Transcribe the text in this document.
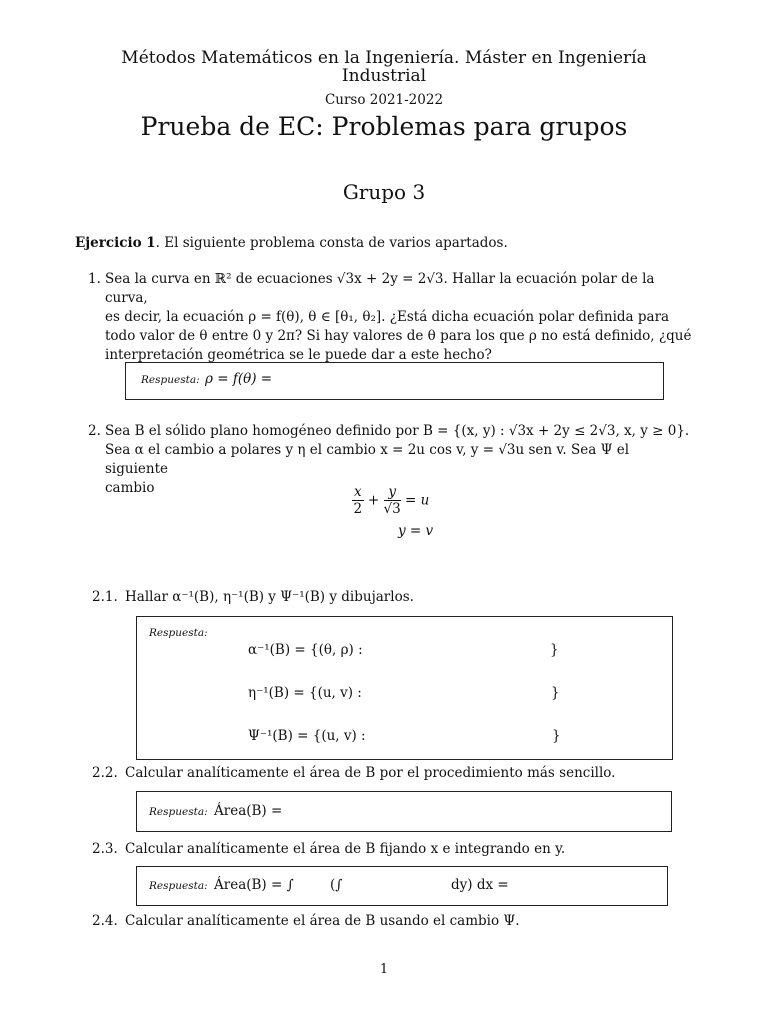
Métodos Matemáticos en la Ingeniería. Máster en Ingeniería
Industrial
Curso 2021-2022
Prueba de EC: Problemas para grupos
Grupo 3
Ejercicio 1. El siguiente problema consta de varios apartados.
1. Sea la curva en ℝ² de ecuaciones √3x + 2y = 2√3. Hallar la ecuación polar de la curva,
es decir, la ecuación ρ = f(θ), θ ∈ [θ₁, θ₂]. ¿Está dicha ecuación polar definida para
todo valor de θ entre 0 y 2π? Si hay valores de θ para los que ρ no está definido, ¿qué
interpretación geométrica se le puede dar a este hecho?
Respuesta: ρ = f(θ) =
2. Sea B el sólido plano homogéneo definido por B = {(x, y) : √3x + 2y ≤ 2√3, x, y ≥ 0}.
Sea α el cambio a polares y η el cambio x = 2u cos v, y = √3u sen v. Sea Ψ el siguiente
cambio	$\frac{x}{2} + \frac{y}{√3} = u$
y = v
2.1. Hallar α⁻¹(B), η⁻¹(B) y Ψ⁻¹(B) y dibujarlos.
Respuesta:
α⁻¹(B) = {(θ, ρ) :	}
η⁻¹(B) = {(u, v) :	}
Ψ⁻¹(B) = {(u, v) :	}
2.2. Calcular analíticamente el área de B por el procedimiento más sencillo.
Respuesta: Área(B) =
2.3. Calcular analíticamente el área de B fijando x e integrando en y.
Respuesta: Área(B) = ∫	(∫	dy) dx =
2.4. Calcular analíticamente el área de B usando el cambio Ψ.
1
